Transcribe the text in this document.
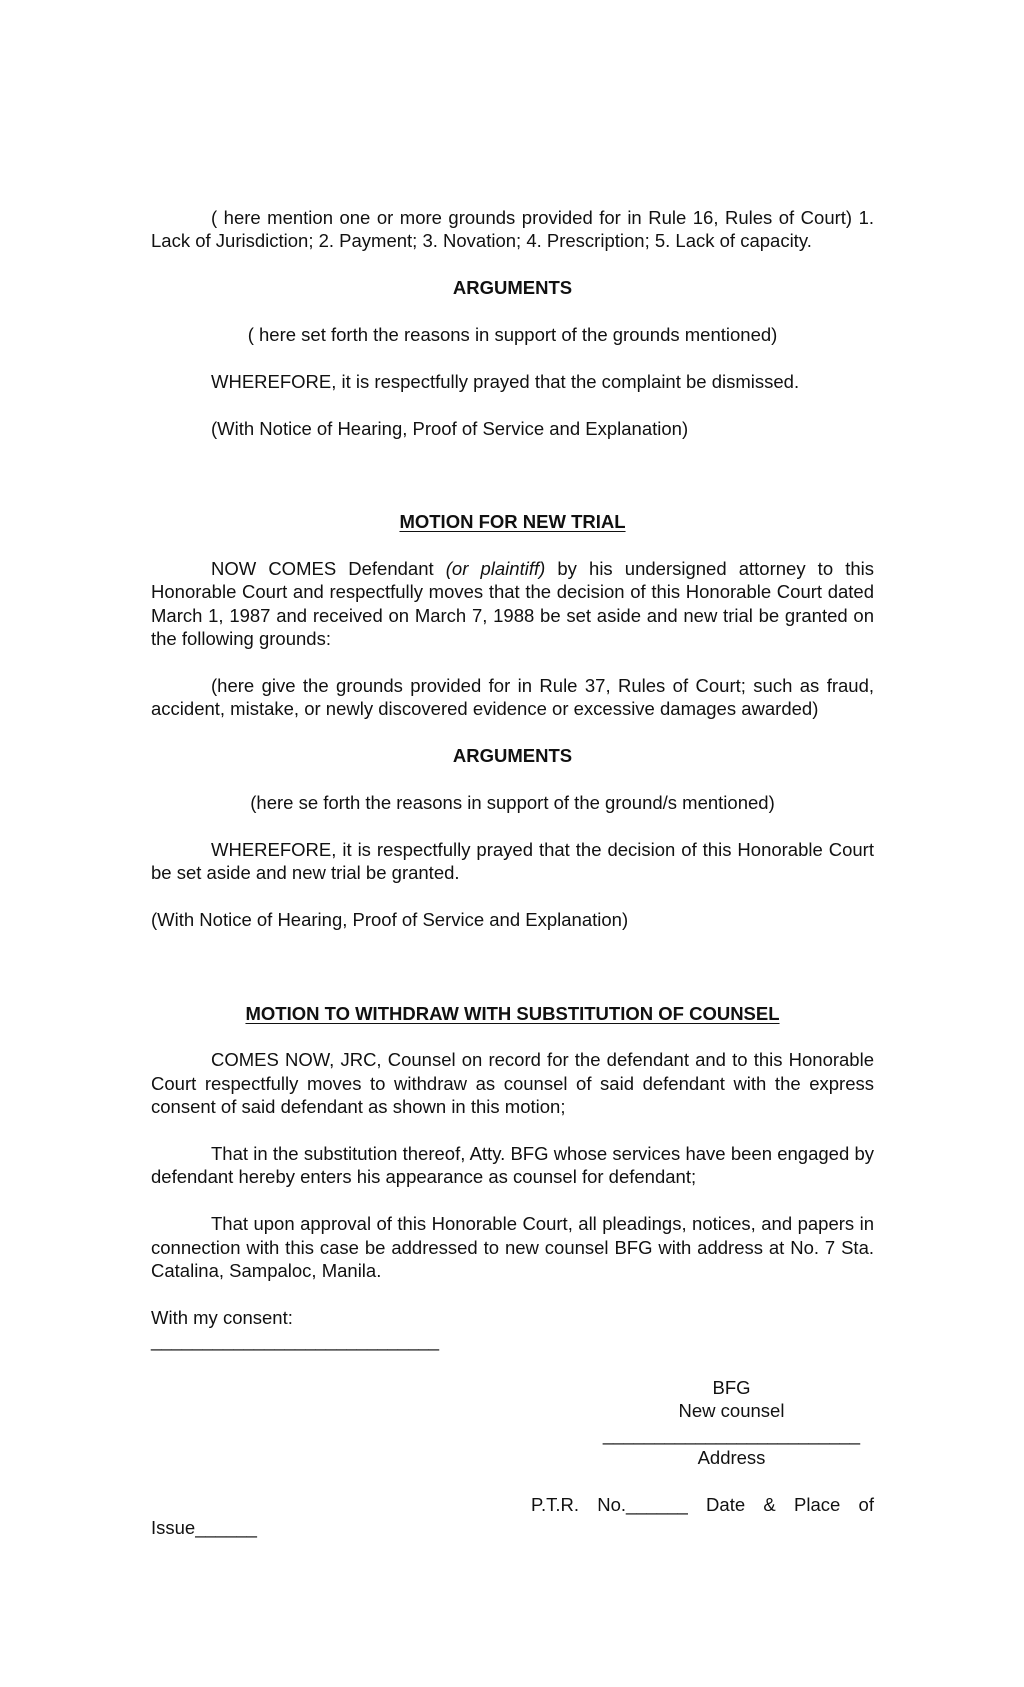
( here mention one or more grounds provided for in Rule 16, Rules of Court) 1. Lack of Jurisdiction; 2. Payment; 3. Novation; 4. Prescription; 5. Lack of capacity.

ARGUMENTS

( here set forth the reasons in support of the grounds mentioned)

WHEREFORE, it is respectfully prayed that the complaint be dismissed.

(With Notice of Hearing, Proof of Service and Explanation)

MOTION FOR NEW TRIAL

NOW COMES Defendant (or plaintiff) by his undersigned attorney to this Honorable Court and respectfully moves that the decision of this Honorable Court dated March 1, 1987 and received on March 7, 1988 be set aside and new trial be granted on the following grounds:

(here give the grounds provided for in Rule 37, Rules of Court; such as fraud, accident, mistake, or newly discovered evidence or excessive damages awarded)

ARGUMENTS

(here se forth the reasons in support of the ground/s mentioned)

WHEREFORE, it is respectfully prayed that the decision of this Honorable Court be set aside and new trial be granted.

(With Notice of Hearing, Proof of Service and Explanation)

MOTION TO WITHDRAW WITH SUBSTITUTION OF COUNSEL

COMES NOW, JRC, Counsel on record for the defendant and to this Honorable Court respectfully moves to withdraw as counsel of said defendant with the express consent of said defendant as shown in this motion;

That in the substitution thereof, Atty. BFG whose services have been engaged by defendant hereby enters his appearance as counsel for defendant;

That upon approval of this Honorable Court, all pleadings, notices, and papers in connection with this case be addressed to new counsel BFG with address at No. 7 Sta. Catalina, Sampaloc, Manila.

With my consent:
____________________________
BFG
New counsel
_________________________
Address
P.T.R. No.______ Date & Place of
Issue______
